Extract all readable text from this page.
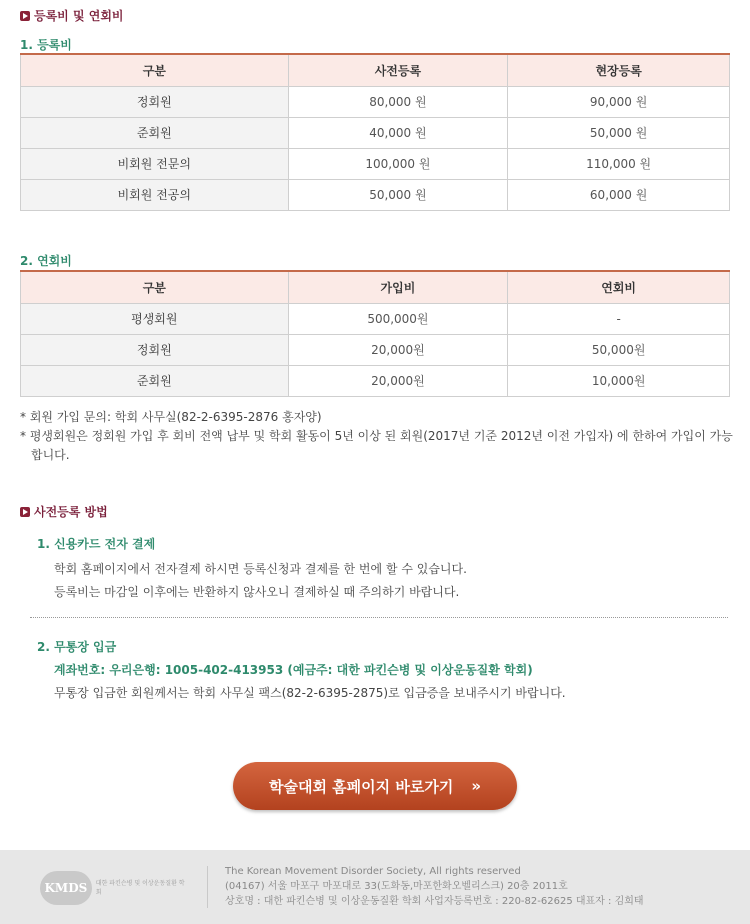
등록비 및 연회비
1. 등록비
구분	사전등록	현장등록
정회원	80,000 원	90,000 원
준회원	40,000 원	50,000 원
비회원 전문의	100,000 원	110,000 원
비회원 전공의	50,000 원	60,000 원
2. 연회비
구분	가입비	연회비
평생회원	500,000원	-
정회원	20,000원	50,000원
준회원	20,000원	10,000원

* 회원 가입 문의: 학회 사무실(82-2-6395-2876 홍자양)

* 평생회원은 정회원 가입 후 회비 전액 납부 및 학회 활동이 5년 이상 된 회원(2017년 기준 2012년 이전 가입자) 에 한하여 가입이 가능합니다.

사전등록 방법
1. 신용카드 전자 결제
학회 홈페이지에서 전자결제 하시면 등록신청과 결제를 한 번에 할 수 있습니다.
등록비는 마감일 이후에는 반환하지 않사오니 결제하실 때 주의하기 바랍니다.
2. 무통장 입금
계좌번호: 우리은행: 1005-402-413953 (예금주: 대한 파킨슨병 및 이상운동질환 학회)
무통장 입금한 회원께서는 학회 사무실 팩스(82-2-6395-2875)로 입금증을 보내주시기 바랍니다.
학술대회 홈페이지 바로가기 »
KMDS	대한 파킨슨병 및 이상운동질환 학회
The Korean Movement Disorder Society, All rights reserved
(04167) 서울 마포구 마포대로 33(도화동,마포한화오벨리스크) 20층 2011호
상호명 : 대한 파킨슨병 및 이상운동질환 학회 사업자등록번호 : 220-82-62625 대표자 : 김희태
